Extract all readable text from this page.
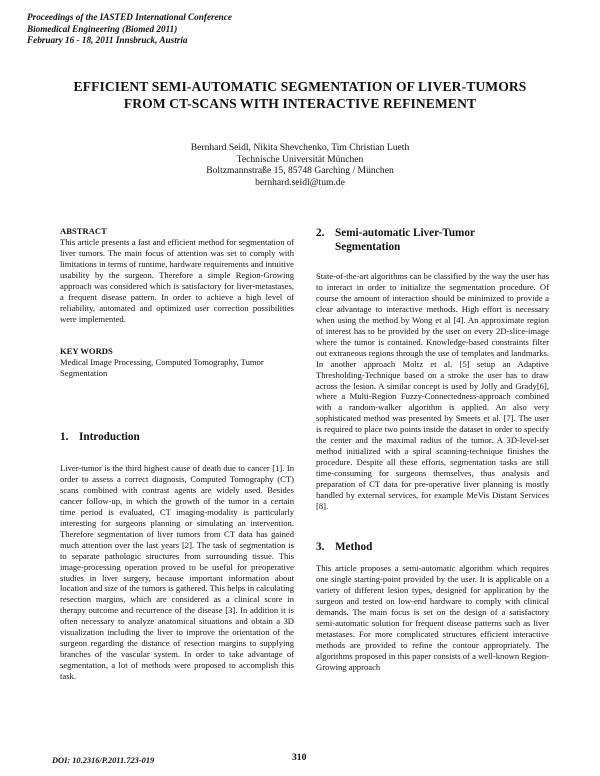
Proceedings of the IASTED International Conference
Biomedical Engineering (Biomed 2011)
February 16 - 18, 2011 Innsbruck, Austria
EFFICIENT SEMI-AUTOMATIC SEGMENTATION OF LIVER-TUMORS
FROM CT-SCANS WITH INTERACTIVE REFINEMENT
Bernhard Seidl, Nikita Shevchenko, Tim Christian Lueth
Technische Universität München
Boltzmannstraße 15, 85748 Garching / München
bernhard.seidl@tum.de
ABSTRACT
This article presents a fast and efficient method for segmentation of liver tumors. The main focus of attention was set to comply with limitations in terms of runtime, hardware requirements and intuitive usability by the surgeon. Therefore a simple Region-Growing approach was considered which is satisfactory for liver-metastases, a frequent disease pattern. In order to achieve a high level of reliability, automated and optimized user correction possibilities were implemented.
KEY WORDS
Medical Image Processing, Computed Tomography, Tumor Segmentation
1. Introduction
Liver-tumor is the third highest cause of death due to cancer [1]. In order to assess a correct diagnosis, Computed Tomography (CT) scans combined with contrast agents are widely used. Besides cancer follow-up, in which the growth of the tumor in a certain time period is evaluated, CT imaging-modality is particularly interesting for surgeons planning or simulating an intervention. Therefore segmentation of liver tumors from CT data has gained much attention over the last years [2]. The task of segmentation is to separate pathologic structures from surrounding tissue. This image-processing operation proved to be useful for preoperative studies in liver surgery, because important information about location and size of the tumors is gathered. This helps in calculating resection margins, which are considered as a clinical score in therapy outcome and recurrence of the disease [3]. In addition it is often necessary to analyze anatomical situations and obtain a 3D visualization including the liver to improve the orientation of the surgeon regarding the distance of resection margins to supplying branches of the vascular system. In order to take advantage of segmentation, a lot of methods were proposed to accomplish this task.
2. Semi-automatic Liver-Tumor
Segmentation
State-of-the-art algorithms can be classified by the way the user has to interact in order to initialize the segmentation procedure. Of course the amount of interaction should be minimized to provide a clear advantage to interactive methods. High effort is necessary when using the method by Wong et al [4]. An approximate region of interest has to be provided by the user on every 2D-slice-image where the tumor is contained. Knowledge-based constraints filter out extraneous regions through the use of templates and landmarks. In another approach Moltz et al. [5] setup an Adaptive Thresholding-Technique based on a stroke the user has to draw across the lesion. A similar concept is used by Jolly and Grady[6], where a Multi-Region Fuzzy-Connectedness-approach combined with a random-walker algorithm is applied. An also very sophisticated method was presented by Smeets et al. [7]. The user is required to place two points inside the dataset in order to specify the center and the maximal radius of the tumor. A 3D-level-set method initialized with a spiral scanning-technique finishes the procedure. Despite all these efforts, segmentation tasks are still time-consuming for surgeons themselves, thus analysis and preparation of CT data for pre-operative liver planning is mostly handled by external services, for example MeVis Distant Services [8].
3. Method
This article proposes a semi-automatic algorithm which requires one single starting-point provided by the user. It is applicable on a variety of different lesion types, designed for application by the surgeon and tested on low-end hardware to comply with clinical demands. The main focus is set on the design of a satisfactory semi-automatic solution for frequent disease patterns such as liver metastases. For more complicated structures efficient interactive methods are provided to refine the contour appropriately. The algorithms proposed in this paper consists of a well-known Region-Growing approach
DOI: 10.2316/P.2011.723-019	310
